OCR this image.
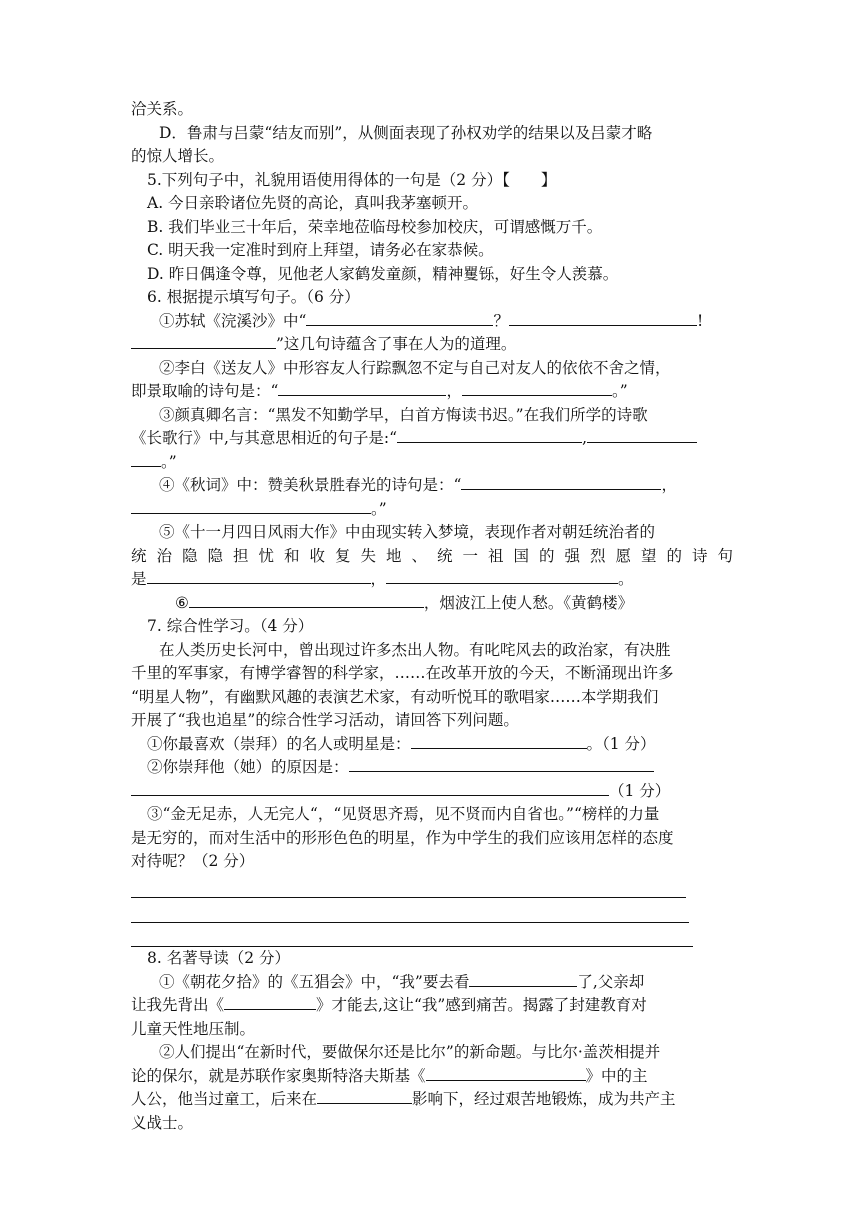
洽关系。
D．鲁肃与吕蒙“结友而别”，从侧面表现了孙权劝学的结果以及吕蒙才略
的惊人增长。
5.下列句子中，礼貌用语使用得体的一句是（2 分）【　　】
A. 今日亲聆诸位先贤的高论，真叫我茅塞顿开。
B. 我们毕业三十年后，荣幸地莅临母校参加校庆，可谓感慨万千。
C. 明天我一定准时到府上拜望，请务必在家恭候。
D. 昨日偶逢令尊，见他老人家鹤发童颜，精神矍铄，好生令人羡慕。
6. 根据提示填写句子。（6 分）
①苏轼《浣溪沙》中“	？	!
”这几句诗蕴含了事在人为的道理。
②李白《送友人》中形容友人行踪飘忽不定与自己对友人的依依不舍之情，
即景取喻的诗句是：“	，	。”
③颜真卿名言：“黑发不知勤学早，白首方悔读书迟。”在我们所学的诗歌
《长歌行》中,与其意思相近的句子是:“	,
。”
④《秋词》中：赞美秋景胜春光的诗句是：“	，
。”
⑤《十一月四日风雨大作》中由现实转入梦境，表现作者对朝廷统治者的
统治隐隐担忧和收复失地、统一祖国的强烈愿望的诗句
是	，	。
⑥	，烟波江上使人愁。《黄鹤楼》
7. 综合性学习。（4 分）
在人类历史长河中，曾出现过许多杰出人物。有叱咤风去的政治家，有决胜
千里的军事家，有博学睿智的科学家，……在改革开放的今天，不断涌现出许多
“明星人物”，有幽默风趣的表演艺术家，有动听悦耳的歌唱家……本学期我们
开展了“我也追星”的综合性学习活动，请回答下列问题。
①你最喜欢（崇拜）的名人或明星是：	。（1 分）
②你崇拜他（她）的原因是：
（1 分）
③“金无足赤，人无完人“，“见贤思齐焉，见不贤而内自省也。”“榜样的力量
是无穷的，而对生活中的形形色色的明星，作为中学生的我们应该用怎样的态度
对待呢？（2 分）
8. 名著导读（2 分）
①《朝花夕拾》的《五猖会》中，“我”要去看	了,父亲却
让我先背出《	》才能去,这让“我”感到痛苦。揭露了封建教育对
儿童天性地压制。
②人们提出“在新时代，要做保尔还是比尔”的新命题。与比尔·盖茨相提并
论的保尔，就是苏联作家奥斯特洛夫斯基《	》中的主
人公，他当过童工，后来在	影响下，经过艰苦地锻炼，成为共产主
义战士。
